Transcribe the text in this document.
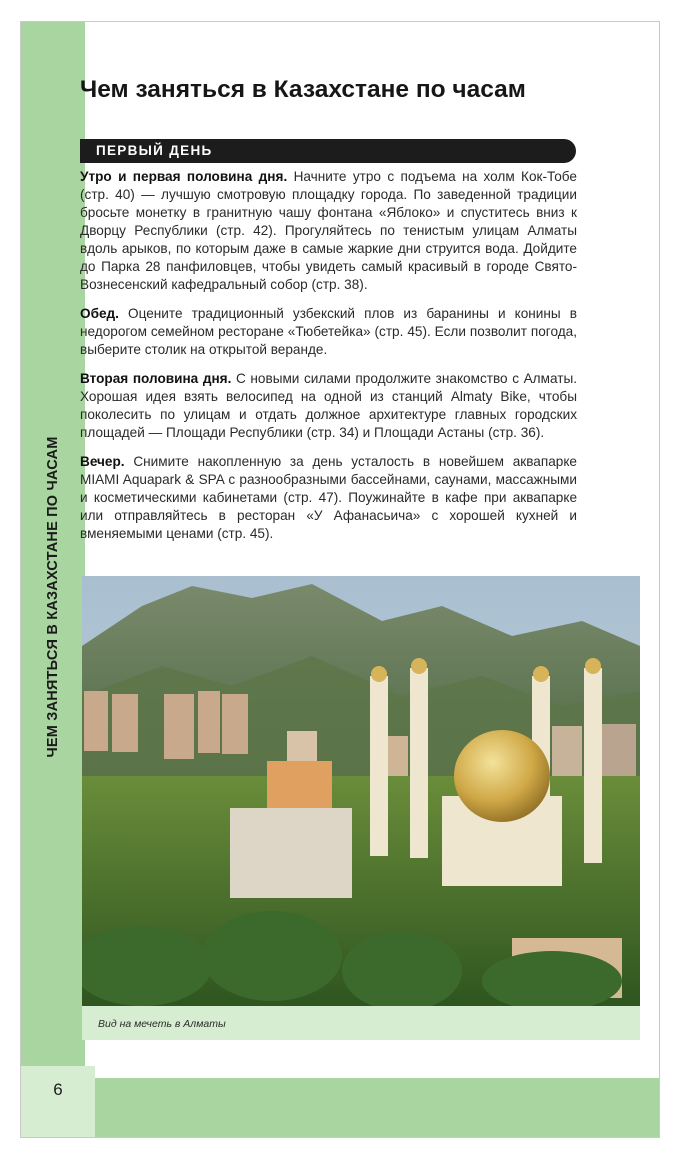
ЧЕМ ЗАНЯТЬСЯ В КАЗАХСТАНЕ ПО ЧАСАМ
6
Чем заняться в Казахстане по часам
ПЕРВЫЙ ДЕНЬ

Утро и первая половина дня. Начните утро с подъема на холм Кок-Тобе (стр. 40) — лучшую смотровую площадку города. По заведенной традиции бросьте монетку в гранитную чашу фонтана «Яблоко» и спуститесь вниз к Дворцу Республики (стр. 42). Прогуляйтесь по тенистым улицам Алматы вдоль арыков, по которым даже в самые жаркие дни струится вода. Дойдите до Парка 28 панфиловцев, чтобы увидеть самый красивый в городе Свято-Вознесенский кафедральный собор (стр. 38).

Обед. Оцените традиционный узбекский плов из баранины и конины в недорогом семейном ресторане «Тюбетейка» (стр. 45). Если позволит погода, выберите столик на открытой веранде.

Вторая половина дня. С новыми силами продолжите знакомство с Алматы. Хорошая идея взять велосипед на одной из станций Almaty Bike, чтобы поколесить по улицам и отдать должное архитектуре главных городских площадей — Площади Республики (стр. 34) и Площади Астаны (стр. 36).

Вечер. Снимите накопленную за день усталость в новейшем аквапарке MIAMI Aquapark & SPA с разнообразными бассейнами, саунами, массажными и косметическими кабинетами (стр. 47). Поужинайте в кафе при аквапарке или отправляйтесь в ресторан «У Афанасьича» с хорошей кухней и вменяемыми ценами (стр. 45).

Вид на мечеть в Алматы
